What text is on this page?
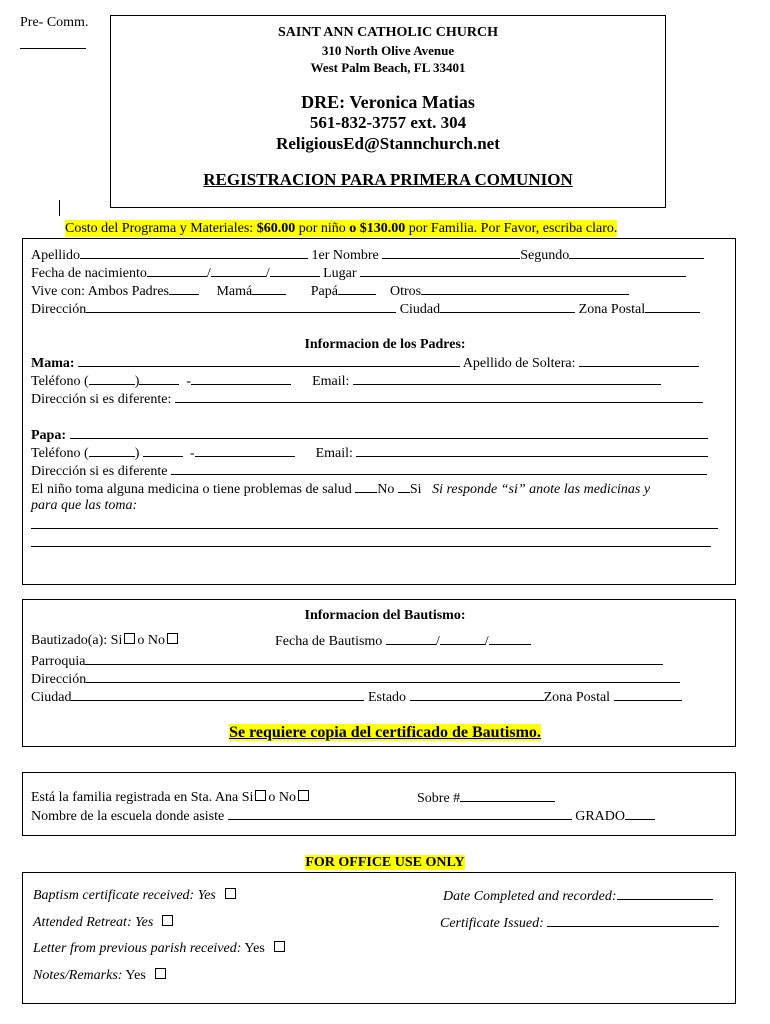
Pre- Comm.
SAINT ANN CATHOLIC CHURCH
310 North Olive Avenue
West Palm Beach, FL 33401
DRE: Veronica Matias
561-832-3757 ext. 304
ReligiousEd@Stannchurch.net
REGISTRACION PARA PRIMERA COMUNION
Costo del Programa y Materiales: $60.00 por niño o $130.00 por Familia. Por Favor, escriba claro.
Apellido	1er Nombre	Segundo
Fecha de nacimiento	/	/	Lugar
Vive con: Ambos Padres	Mamá	Papá	Otros
Dirección	Ciudad	Zona Postal
Informacion de los Padres:
Mama:	Apellido de Soltera:
Teléfono (	)	-	Email:
Dirección si es diferente:
Papa:
Teléfono (	)	-	Email:
Dirección si es diferente
El niño toma alguna medicina o tiene problemas de salud No Si Si responde “si” anote las medicinas y
para que las toma:
Informacion del Bautismo:
Bautizado(a): Si o No	Fecha de Bautismo	/	/
Parroquia
Dirección
Ciudad	Estado	Zona Postal
Se requiere copia del certificado de Bautismo.
Está la familia registrada en Sta. Ana Si o No	Sobre #
Nombre de la escuela donde asiste	GRADO
FOR OFFICE USE ONLY
Baptism certificate received: Yes	Date Completed and recorded:
Attended Retreat: Yes	Certificate Issued:
Letter from previous parish received: Yes
Notes/Remarks: Yes
